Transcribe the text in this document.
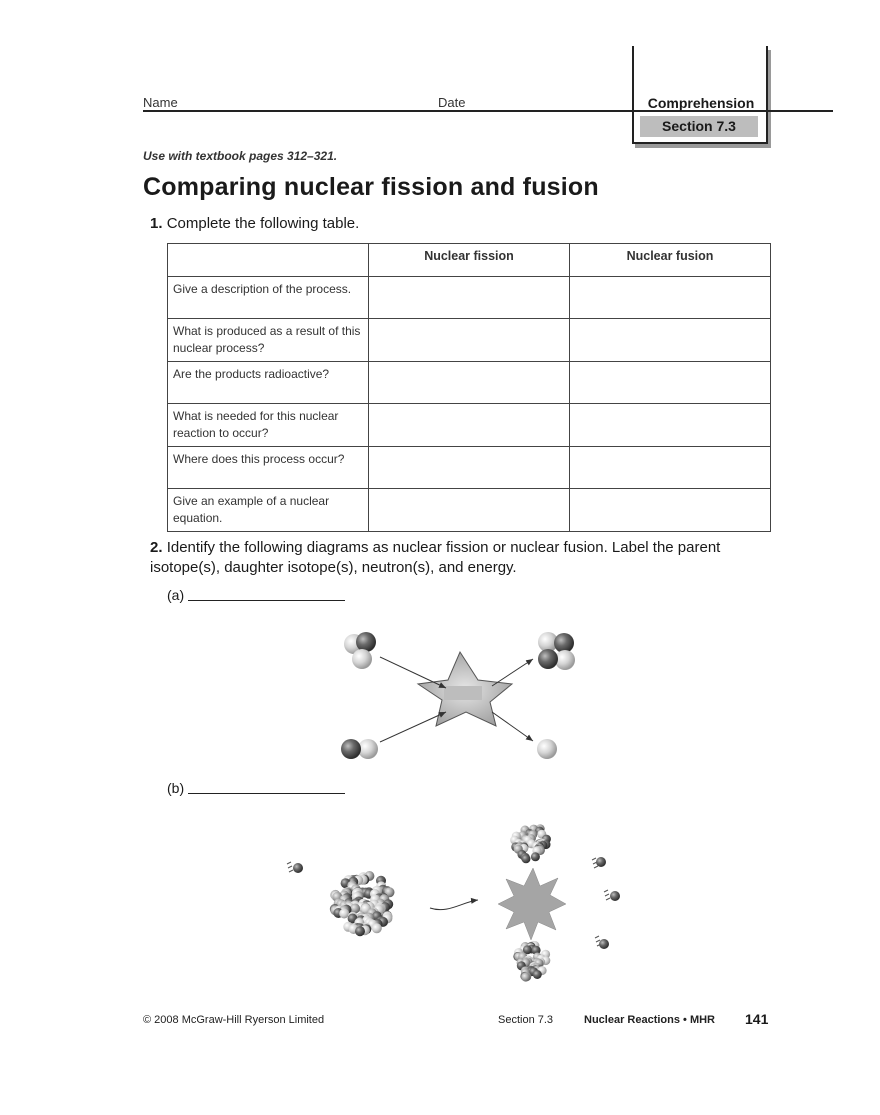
Name	Date	Comprehension
Section 7.3
Use with textbook pages 312–321.
Comparing nuclear fission and fusion
1. Complete the following table.
	Nuclear fission	Nuclear fusion
Give a description of the process.		
What is produced as a result of this nuclear process?		
Are the products radioactive?		
What is needed for this nuclear reaction to occur?		
Where does this process occur?		
Give an example of a nuclear equation.		
2. Identify the following diagrams as nuclear fission or nuclear fusion. Label the parent isotope(s), daughter isotope(s), neutron(s), and energy.
(a)
(b)
© 2008 McGraw-Hill Ryerson Limited	Section 7.3	Nuclear Reactions • MHR 141
